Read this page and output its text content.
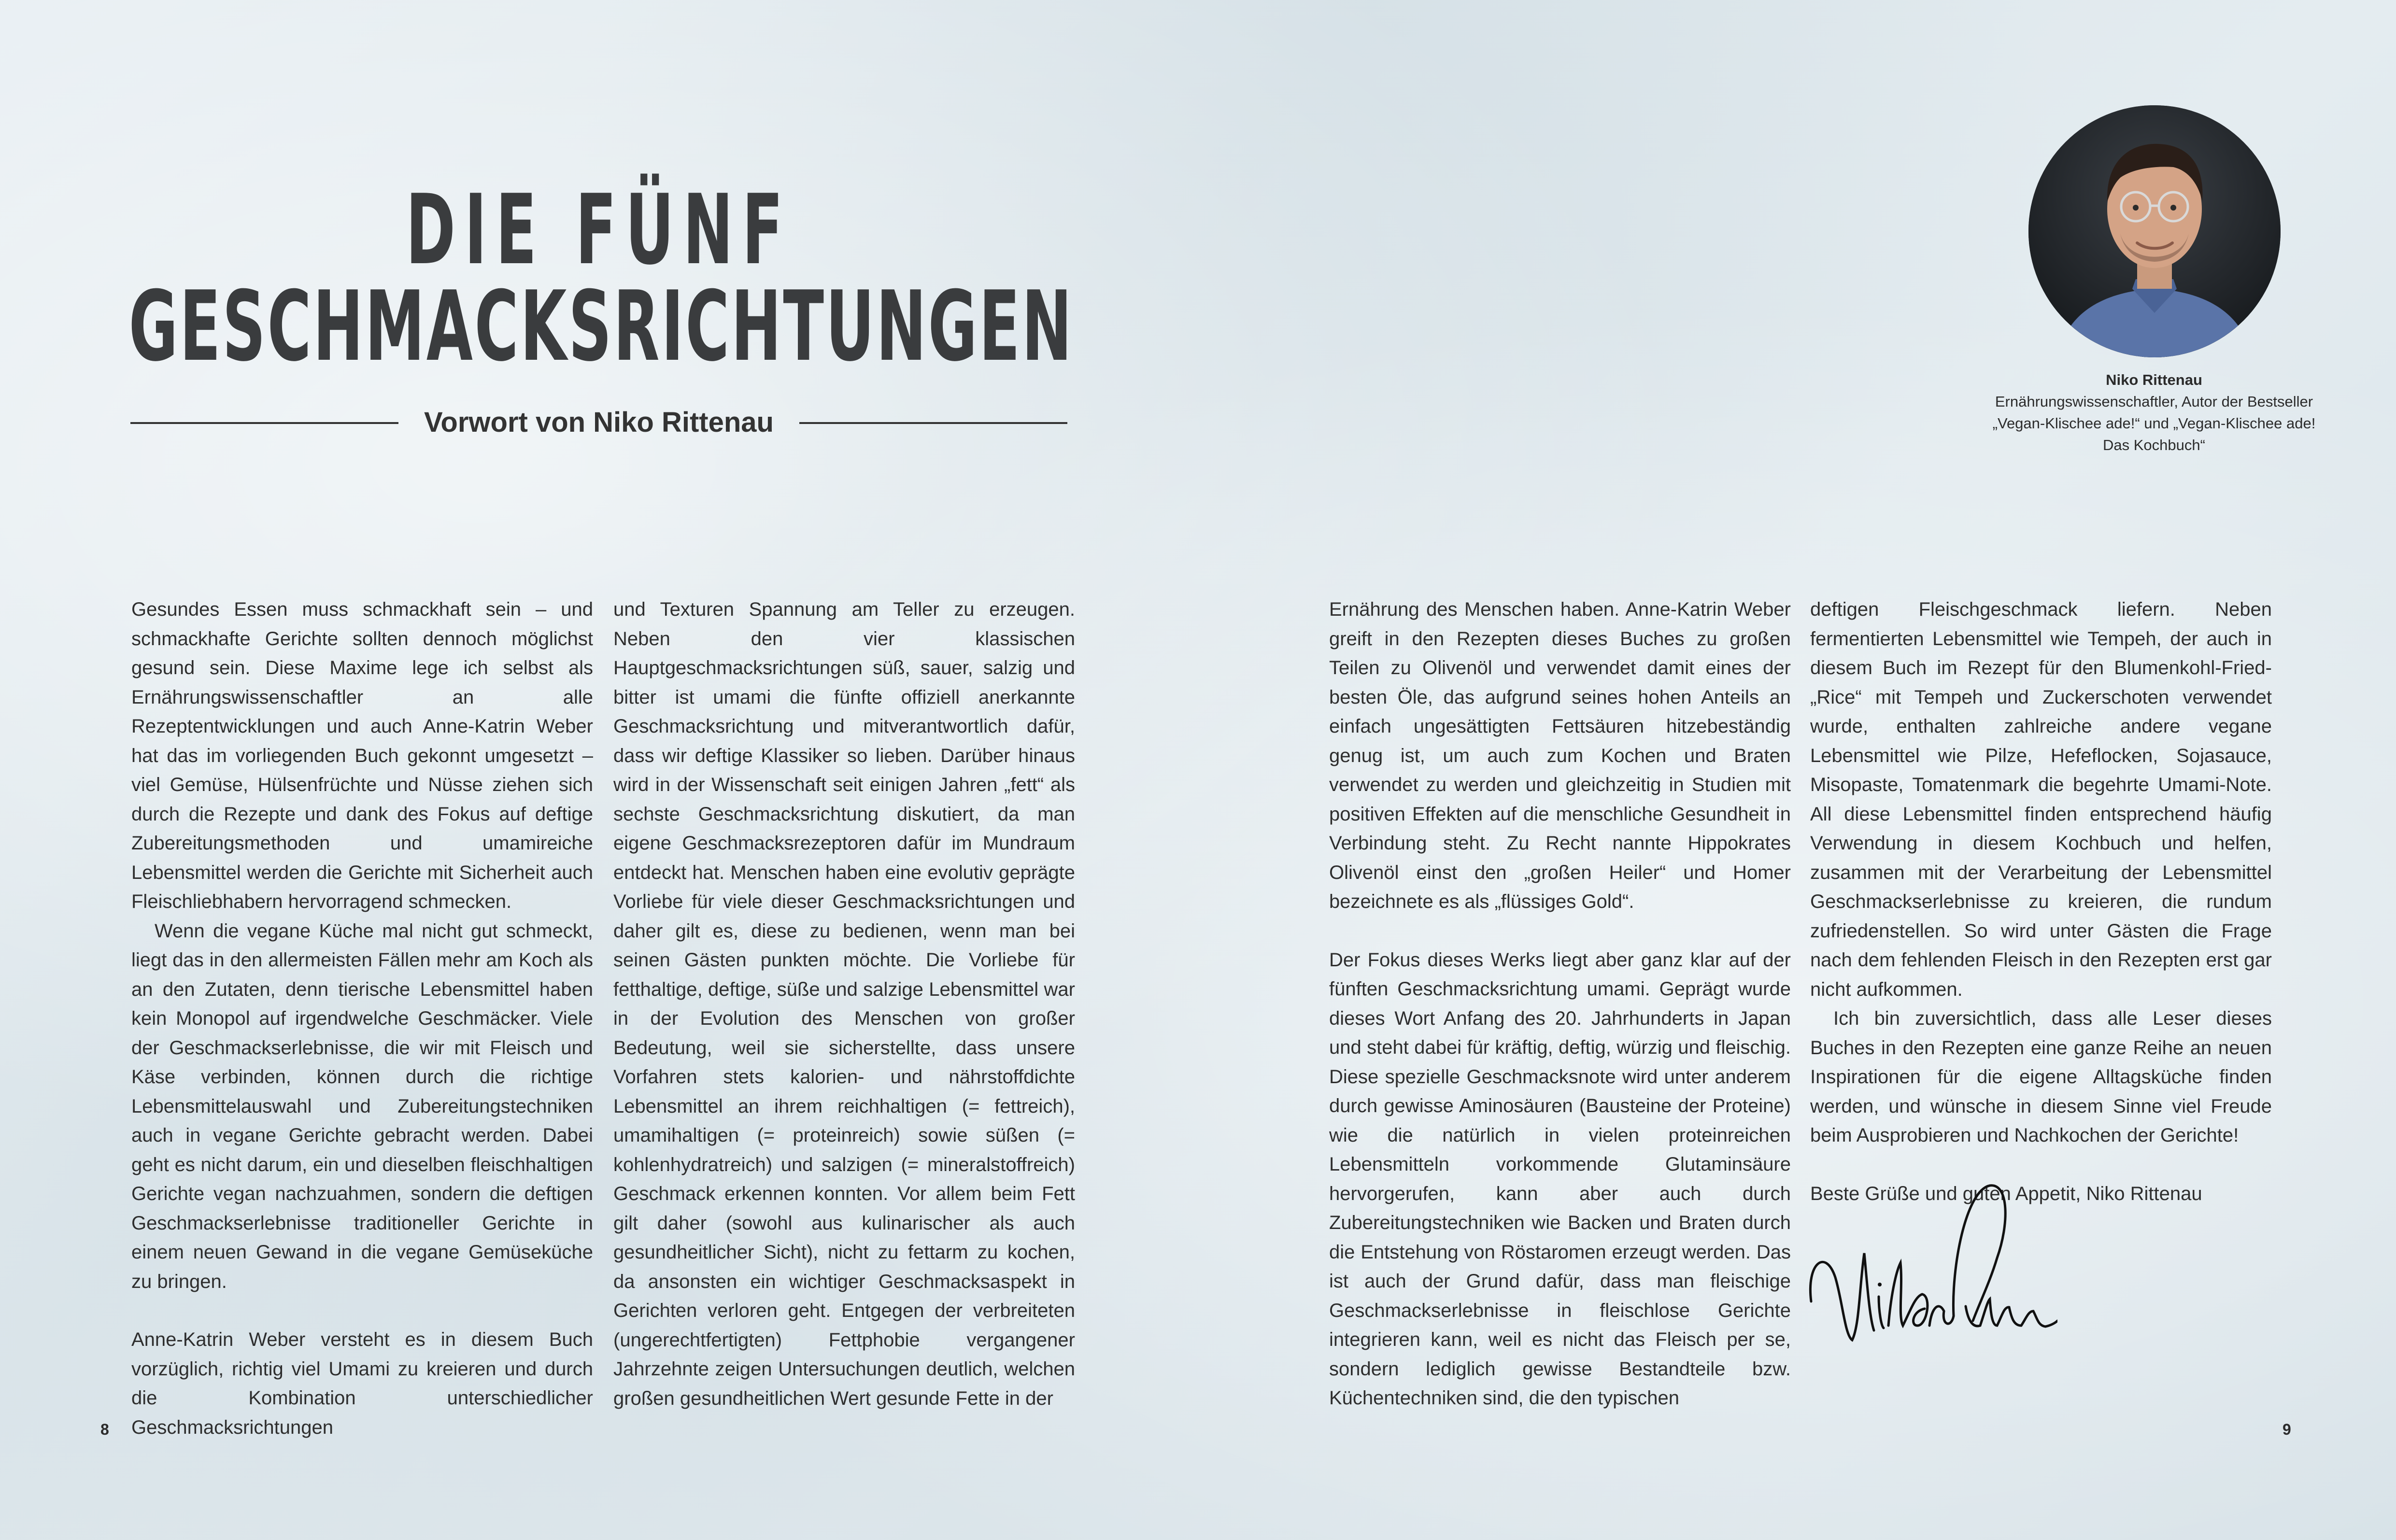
DIE FÜNF
GESCHMACKSRICHTUNGEN
Vorwort von Niko Rittenau

Gesundes Essen muss schmackhaft sein – und schmackhafte Gerichte sollten dennoch möglichst gesund sein. Diese Maxime lege ich selbst als Ernährungswissenschaftler an alle Rezeptentwicklungen und auch Anne-Katrin Weber hat das im vorliegenden Buch gekonnt umgesetzt – viel Gemüse, Hülsenfrüchte und Nüsse ziehen sich durch die Rezepte und dank des Fokus auf deftige Zubereitungsmethoden und umamireiche Lebensmittel werden die Gerichte mit Sicherheit auch Fleischliebhabern hervorragend schmecken.

Wenn die vegane Küche mal nicht gut schmeckt, liegt das in den allermeisten Fällen mehr am Koch als an den Zutaten, denn tierische Lebensmittel haben kein Monopol auf irgendwelche Geschmäcker. Viele der Geschmackserlebnisse, die wir mit Fleisch und Käse verbinden, können durch die richtige Lebensmittelauswahl und Zubereitungstechniken auch in vegane Gerichte gebracht werden. Dabei geht es nicht darum, ein und dieselben fleischhaltigen Gerichte vegan nachzuahmen, sondern die deftigen Geschmackserlebnisse traditioneller Gerichte in einem neuen Gewand in die vegane Gemüseküche zu bringen.

Anne-Katrin Weber versteht es in diesem Buch vorzüglich, richtig viel Umami zu kreieren und durch die Kombination unterschiedlicher Geschmacksrichtungen

und Texturen Spannung am Teller zu erzeugen. Neben den vier klassischen Hauptgeschmacksrichtungen süß, sauer, salzig und bitter ist umami die fünfte offiziell anerkannte Geschmacksrichtung und mitverantwortlich dafür, dass wir deftige Klassiker so lieben. Darüber hinaus wird in der Wissenschaft seit einigen Jahren „fett“ als sechste Geschmacksrichtung diskutiert, da man eigene Geschmacksrezeptoren dafür im Mundraum entdeckt hat. Menschen haben eine evolutiv geprägte Vorliebe für viele dieser Geschmacksrichtungen und daher gilt es, diese zu bedienen, wenn man bei seinen Gästen punkten möchte. Die Vorliebe für fetthaltige, deftige, süße und salzige Lebensmittel war in der Evolution des Menschen von großer Bedeutung, weil sie sicherstellte, dass unsere Vorfahren stets kalorien- und nährstoffdichte Lebensmittel an ihrem reichhaltigen (= fettreich), umamihaltigen (= proteinreich) sowie süßen (= kohlenhydratreich) und salzigen (= mineralstoffreich) Geschmack erkennen konnten. Vor allem beim Fett gilt daher (sowohl aus kulinarischer als auch gesundheitlicher Sicht), nicht zu fettarm zu kochen, da ansonsten ein wichtiger Geschmacksaspekt in Gerichten verloren geht. Entgegen der verbreiteten (ungerechtfertigten) Fettphobie vergangener Jahrzehnte zeigen Untersuchungen deutlich, welchen großen gesundheitlichen Wert gesunde Fette in der

Ernährung des Menschen haben. Anne-Katrin Weber greift in den Rezepten dieses Buches zu großen Teilen zu Olivenöl und verwendet damit eines der besten Öle, das aufgrund seines hohen Anteils an einfach ungesättigten Fettsäuren hitzebeständig genug ist, um auch zum Kochen und Braten verwendet zu werden und gleichzeitig in Studien mit positiven Effekten auf die menschliche Gesundheit in Verbindung steht. Zu Recht nannte Hippokrates Olivenöl einst den „großen Heiler“ und Homer bezeichnete es als „flüssiges Gold“.

Der Fokus dieses Werks liegt aber ganz klar auf der fünften Geschmacksrichtung umami. Geprägt wurde dieses Wort Anfang des 20. Jahrhunderts in Japan und steht dabei für kräftig, deftig, würzig und fleischig. Diese spezielle Geschmacksnote wird unter anderem durch gewisse Aminosäuren (Bausteine der Proteine) wie die natürlich in vielen proteinreichen Lebensmitteln vorkommende Glutaminsäure hervorgerufen, kann aber auch durch Zubereitungstechniken wie Backen und Braten durch die Entstehung von Röstaromen erzeugt werden. Das ist auch der Grund dafür, dass man fleischige Geschmackserlebnisse in fleischlose Gerichte integrieren kann, weil es nicht das Fleisch per se, sondern lediglich gewisse Bestandteile bzw. Küchentechniken sind, die den typischen

deftigen Fleischgeschmack liefern. Neben fermentierten Lebensmittel wie Tempeh, der auch in diesem Buch im Rezept für den Blumenkohl-Fried-„Rice“ mit Tempeh und Zuckerschoten verwendet wurde, enthalten zahlreiche andere vegane Lebensmittel wie Pilze, Hefeflocken, Sojasauce, Misopaste, Tomatenmark die begehrte Umami-Note. All diese Lebensmittel finden entsprechend häufig Verwendung in diesem Kochbuch und helfen, zusammen mit der Verarbeitung der Lebensmittel Geschmackserlebnisse zu kreieren, die rundum zufriedenstellen. So wird unter Gästen die Frage nach dem fehlenden Fleisch in den Rezepten erst gar nicht aufkommen.

Ich bin zuversichtlich, dass alle Leser dieses Buches in den Rezepten eine ganze Reihe an neuen Inspirationen für die eigene Alltagsküche finden werden, und wünsche in diesem Sinne viel Freude beim Ausprobieren und Nachkochen der Gerichte!

Beste Grüße und guten Appetit, Niko Rittenau

Niko Rittenau
Ernährungswissenschaftler, Autor der Bestseller
„Vegan-Klischee ade!“ und „Vegan-Klischee ade!
Das Kochbuch“
8	9
